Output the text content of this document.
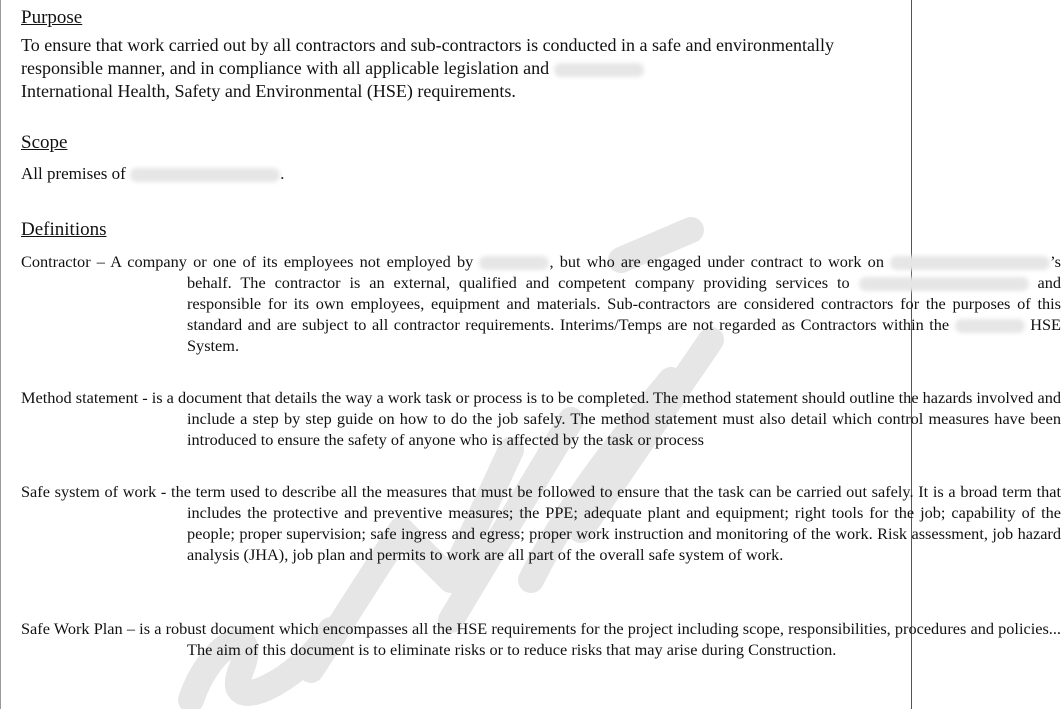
Purpose

To ensure that work carried out by all contractors and sub-contractors is conducted in a safe and environmentally responsible manner, and in compliance with all applicable legislation and
International Health, Safety and Environmental (HSE) requirements.

Scope

All premises of	.

Definitions

Contractor – A company or one of its employees not employed by	, but who are engaged under contract to work on	’s behalf. The contractor is an external, qualified and competent company providing services to	and responsible for its own employees, equipment and materials. Sub-contractors are considered contractors for the purposes of this standard and are subject to all contractor requirements. Interims/Temps are not regarded as Contractors within the	HSE System.

Method statement - is a document that details the way a work task or process is to be completed. The method statement should outline the hazards involved and include a step by step guide on how to do the job safely. The method statement must also detail which control measures have been introduced to ensure the safety of anyone who is affected by the task or process

Safe system of work - the term used to describe all the measures that must be followed to ensure that the task can be carried out safely. It is a broad term that includes the protective and preventive measures; the PPE; adequate plant and equipment; right tools for the job; capability of the people; proper supervision; safe ingress and egress; proper work instruction and monitoring of the work. Risk assessment, job hazard analysis (JHA), job plan and permits to work are all part of the overall safe system of work.

Safe Work Plan – is a robust document which encompasses all the HSE requirements for the project including scope, responsibilities, procedures and policies... The aim of this document is to eliminate risks or to reduce risks that may arise during Construction.
